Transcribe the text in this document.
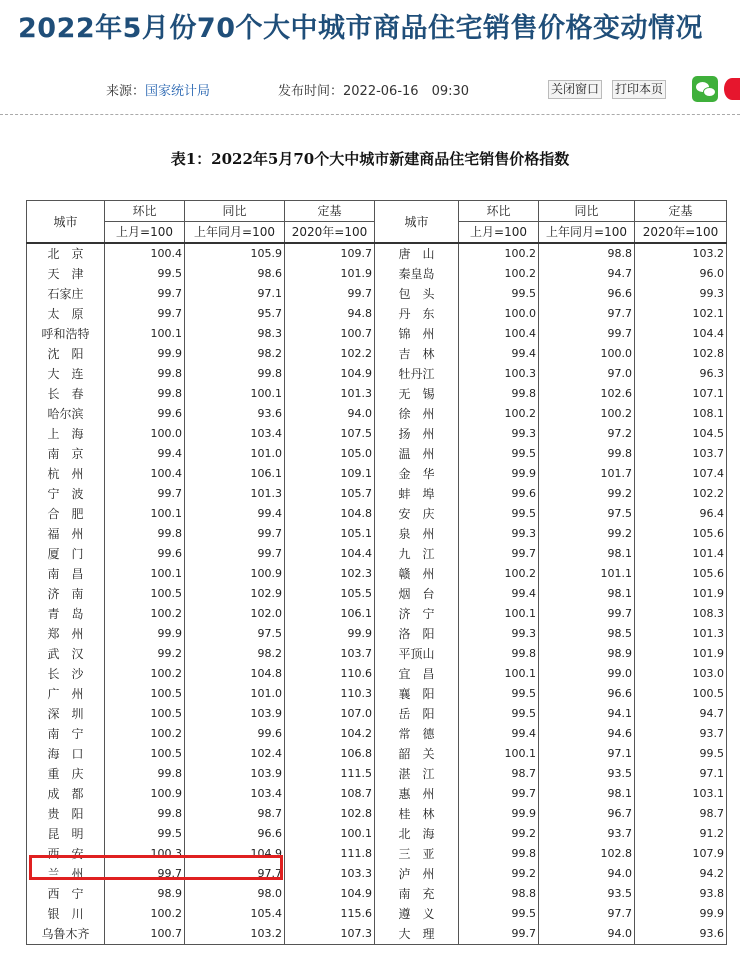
2022年5月份70个大中城市商品住宅销售价格变动情况
来源：国家统计局	发布时间：2022-06-16　09:30	关闭窗口 打印本页
表1：2022年5月70个大中城市新建商品住宅销售价格指数
城市	环比	同比	定基	城市	环比	同比	定基
	上月=100	上年同月=100	2020年=100		上月=100	上年同月=100	2020年=100
北　京	100.4	105.9	109.7	唐　山	100.2	98.8	103.2
天　津	99.5	98.6	101.9	秦皇岛	100.2	94.7	96.0
石家庄	99.7	97.1	99.7	包　头	99.5	96.6	99.3
太　原	99.7	95.7	94.8	丹　东	100.0	97.7	102.1
呼和浩特	100.1	98.3	100.7	锦　州	100.4	99.7	104.4
沈　阳	99.9	98.2	102.2	吉　林	99.4	100.0	102.8
大　连	99.8	99.8	104.9	牡丹江	100.3	97.0	96.3
长　春	99.8	100.1	101.3	无　锡	99.8	102.6	107.1
哈尔滨	99.6	93.6	94.0	徐　州	100.2	100.2	108.1
上　海	100.0	103.4	107.5	扬　州	99.3	97.2	104.5
南　京	99.4	101.0	105.0	温　州	99.5	99.8	103.7
杭　州	100.4	106.1	109.1	金　华	99.9	101.7	107.4
宁　波	99.7	101.3	105.7	蚌　埠	99.6	99.2	102.2
合　肥	100.1	99.4	104.8	安　庆	99.5	97.5	96.4
福　州	99.8	99.7	105.1	泉　州	99.3	99.2	105.6
厦　门	99.6	99.7	104.4	九　江	99.7	98.1	101.4
南　昌	100.1	100.9	102.3	赣　州	100.2	101.1	105.6
济　南	100.5	102.9	105.5	烟　台	99.4	98.1	101.9
青　岛	100.2	102.0	106.1	济　宁	100.1	99.7	108.3
郑　州	99.9	97.5	99.9	洛　阳	99.3	98.5	101.3
武　汉	99.2	98.2	103.7	平顶山	99.8	98.9	101.9
长　沙	100.2	104.8	110.6	宜　昌	100.1	99.0	103.0
广　州	100.5	101.0	110.3	襄　阳	99.5	96.6	100.5
深　圳	100.5	103.9	107.0	岳　阳	99.5	94.1	94.7
南　宁	100.2	99.6	104.2	常　德	99.4	94.6	93.7
海　口	100.5	102.4	106.8	韶　关	100.1	97.1	99.5
重　庆	99.8	103.9	111.5	湛　江	98.7	93.5	97.1
成　都	100.9	103.4	108.7	惠　州	99.7	98.1	103.1
贵　阳	99.8	98.7	102.8	桂　林	99.9	96.7	98.7
昆　明	99.5	96.6	100.1	北　海	99.2	93.7	91.2
西　安	100.3	104.9	111.8	三　亚	99.8	102.8	107.9
兰　州	99.7	97.7	103.3	泸　州	99.2	94.0	94.2
西　宁	98.9	98.0	104.9	南　充	98.8	93.5	93.8
银　川	100.2	105.4	115.6	遵　义	99.5	97.7	99.9
乌鲁木齐	100.7	103.2	107.3	大　理	99.7	94.0	93.6
